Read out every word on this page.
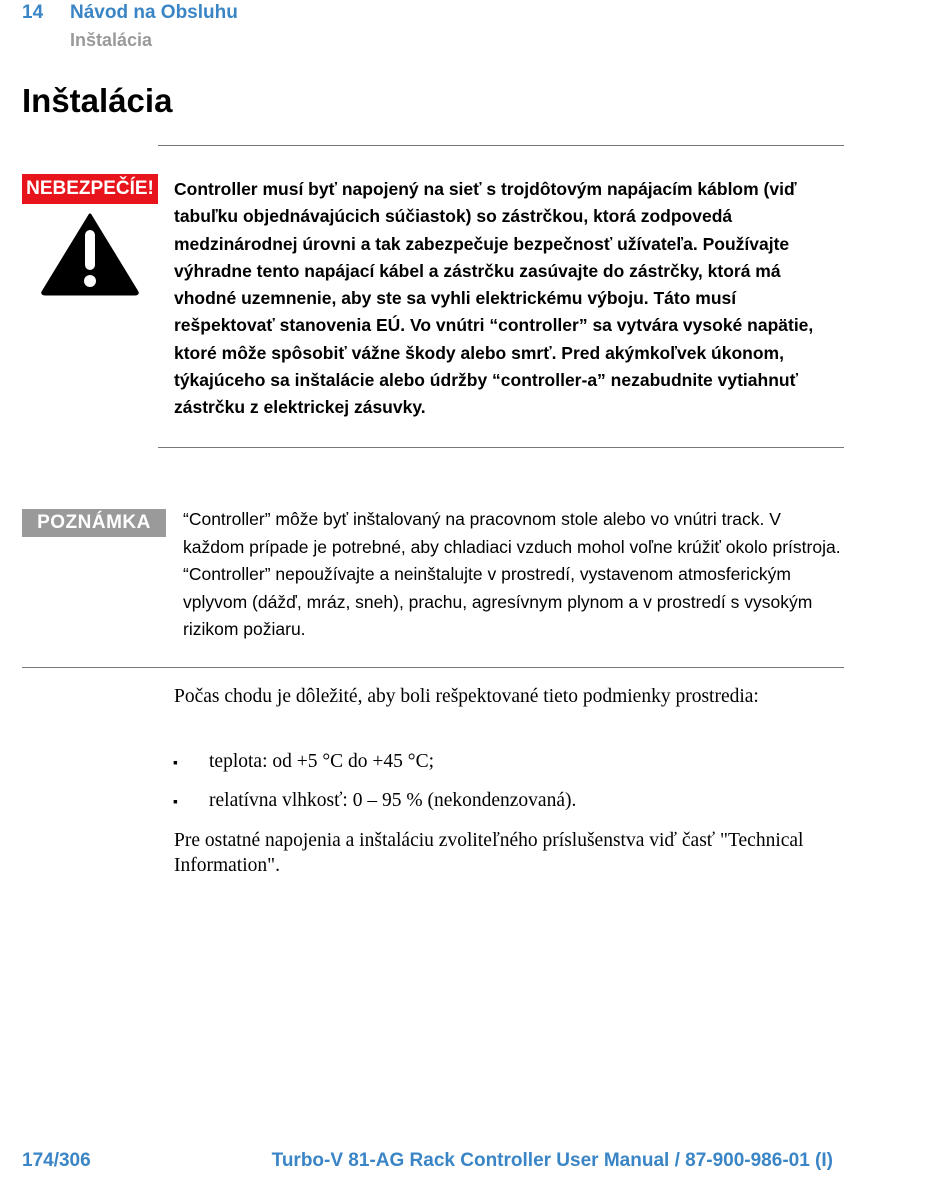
14 Návod na Obsluhu
Inštalácia
Inštalácia
NEBEZPEČÍE! Controller musí byť napojený na sieť s trojdôtovým napájacím káblom (viď tabuľku objednávajúcich súčiastok) so zástrčkou, ktorá zodpovedá medzinárodnej úrovni a tak zabezpečuje bezpečnosť užívateľa. Používajte výhradne tento napájací kábel a zástrčku zasúvajte do zástrčky, ktorá má vhodné uzemnenie, aby ste sa vyhli elektrickému výboju. Táto musí rešpektovať stanovenia EÚ. Vo vnútri “controller” sa vytvára vysoké napätie, ktoré môže spôsobiť vážne škody alebo smrť. Pred akýmkoľvek úkonom, týkajúceho sa inštalácie alebo údržby “controller-a” nezabudnite vytiahnuť zástrčku z elektrickej zásuvky.
POZNÁMKA	“Controller” môže byť inštalovaný na pracovnom stole alebo vo vnútri track. V každom prípade je potrebné, aby chladiaci vzduch mohol voľne krúžiť okolo prístroja. “Controller” nepoužívajte a neinštalujte v prostredí, vystavenom atmosferickým vplyvom (dážď, mráz, sneh), prachu, agresívnym plynom a v prostredí s vysokým rizikom požiaru.
Počas chodu je dôležité, aby boli rešpektované tieto podmienky prostredia:
▪ teplota: od +5 °C do +45 °C;
▪ relatívna vlhkosť: 0 – 95 % (nekondenzovaná).
Pre ostatné napojenia a inštaláciu zvoliteľného príslušenstva viď časť "Technical Information".
174/306	Turbo-V 81-AG Rack Controller User Manual / 87-900-986-01 (I)
